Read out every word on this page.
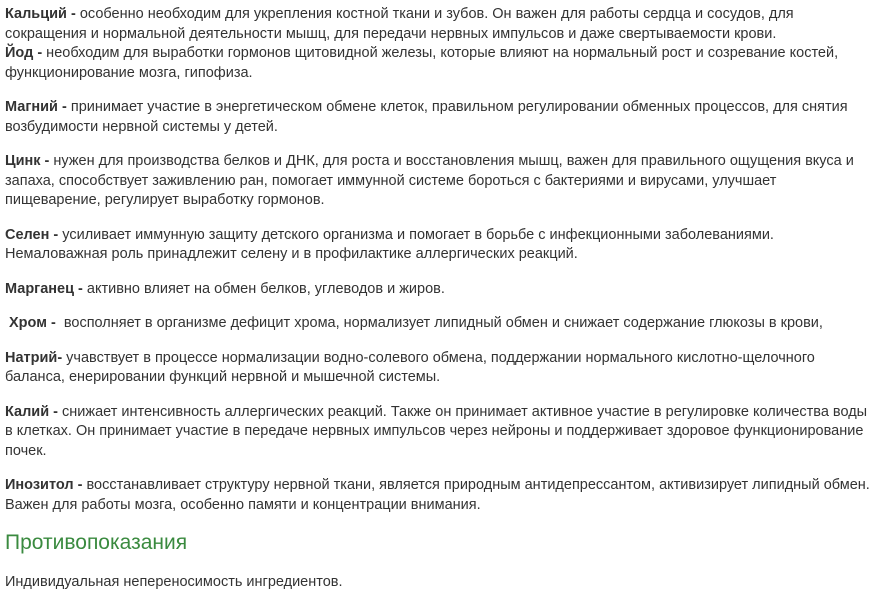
Кальций - особенно необходим для укрепления костной ткани и зубов. Он важен для работы сердца и сосудов, для сокращения и нормальной деятельности мышц, для передачи нервных импульсов и даже свертываемости крови.

Йод - необходим для выработки гормонов щитовидной железы, которые влияют на нормальный рост и созревание костей, функционирование мозга, гипофиза.

Магний - принимает участие в энергетическом обмене клеток, правильном регулировании обменных процессов, для снятия возбудимости нервной системы у детей.

Цинк - нужен для производства белков и ДНК, для роста и восстановления мышц, важен для правильного ощущения вкуса и запаха, способствует заживлению ран, помогает иммунной системе бороться с бактериями и вирусами, улучшает пищеварение, регулирует выработку гормонов.

Селен - усиливает иммунную защиту детского организма и помогает в борьбе с инфекционными заболеваниями. Немаловажная роль принадлежит селену и в профилактике аллергических реакций.

Марганец - активно влияет на обмен белков, углеводов и жиров.

Хром -  восполняет в организме дефицит хрома, нормализует липидный обмен и снижает содержание глюкозы в крови,

Натрий- учавствует в процессе нормализации водно-солевого обмена, поддержании нормального кислотно-щелочного баланса, енерировании функций нервной и мышечной системы.

Калий - снижает интенсивность аллергических реакций. Также он принимает активное участие в регулировке количества воды в клетках. Он принимает участие в передаче нервных импульсов через нейроны и поддерживает здоровое функционирование почек.

Инозитол - восстанавливает структуру нервной ткани, является природным антидепрессантом, активизирует липидный обмен. Важен для работы мозга, особенно памяти и концентрации внимания.

Противопоказания

Индивидуальная непереносимость ингредиентов.
